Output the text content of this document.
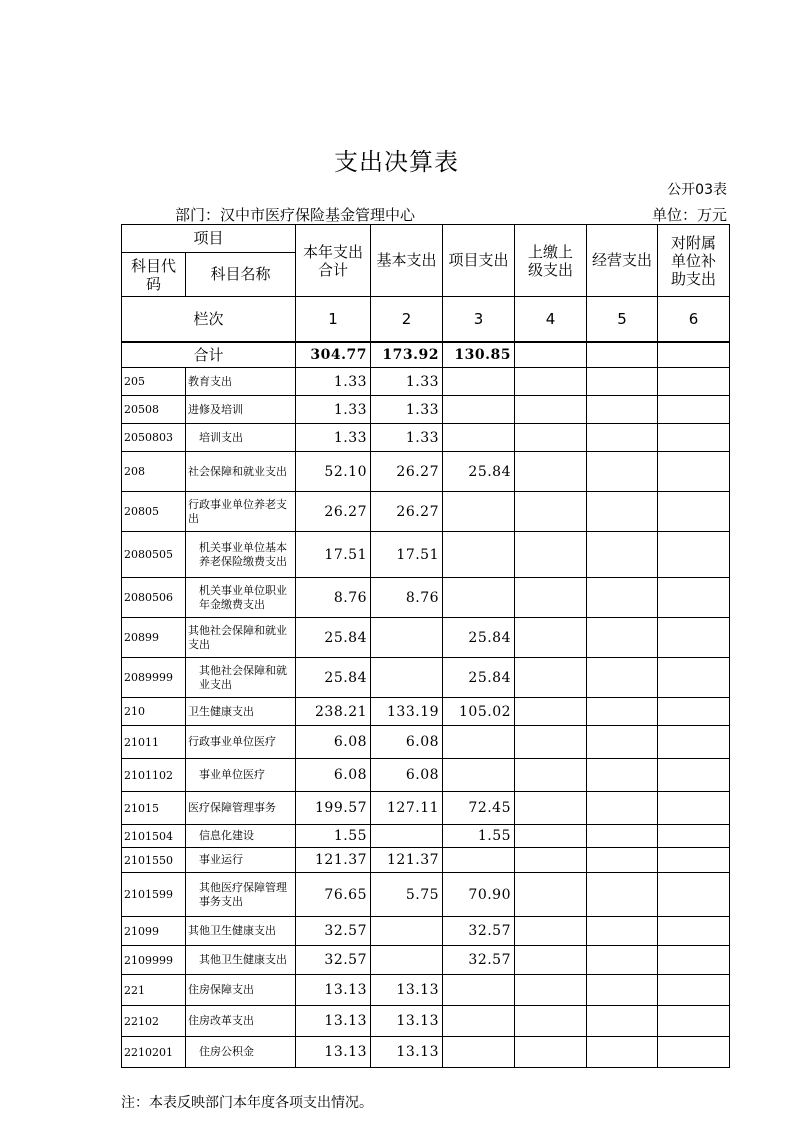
支出决算表
公开03表
部门：汉中市医疗保险基金管理中心	单位：万元
项目		本年支出合计	基本支出	项目支出	上缴上级支出	经营支出	对附属单位补助支出
科目代码	科目名称						
栏次		1	2	3	4	5	6
合计		304.77	173.92	130.85			
205	教育支出	1.33	1.33				
20508	进修及培训	1.33	1.33				
2050803	培训支出	1.33	1.33				
208	社会保障和就业支出	52.10	26.27	25.84			
20805	行政事业单位养老支出	26.27	26.27				
2080505	机关事业单位基本养老保险缴费支出	17.51	17.51				
2080506	机关事业单位职业年金缴费支出	8.76	8.76				
20899	其他社会保障和就业支出	25.84		25.84			
2089999	其他社会保障和就业支出	25.84		25.84			
210	卫生健康支出	238.21	133.19	105.02			
21011	行政事业单位医疗	6.08	6.08				
2101102	事业单位医疗	6.08	6.08				
21015	医疗保障管理事务	199.57	127.11	72.45			
2101504	信息化建设	1.55		1.55			
2101550	事业运行	121.37	121.37				
2101599	其他医疗保障管理事务支出	76.65	5.75	70.90			
21099	其他卫生健康支出	32.57		32.57			
2109999	其他卫生健康支出	32.57		32.57			
221	住房保障支出	13.13	13.13				
22102	住房改革支出	13.13	13.13				
2210201	住房公积金	13.13	13.13				
注：本表反映部门本年度各项支出情况。
